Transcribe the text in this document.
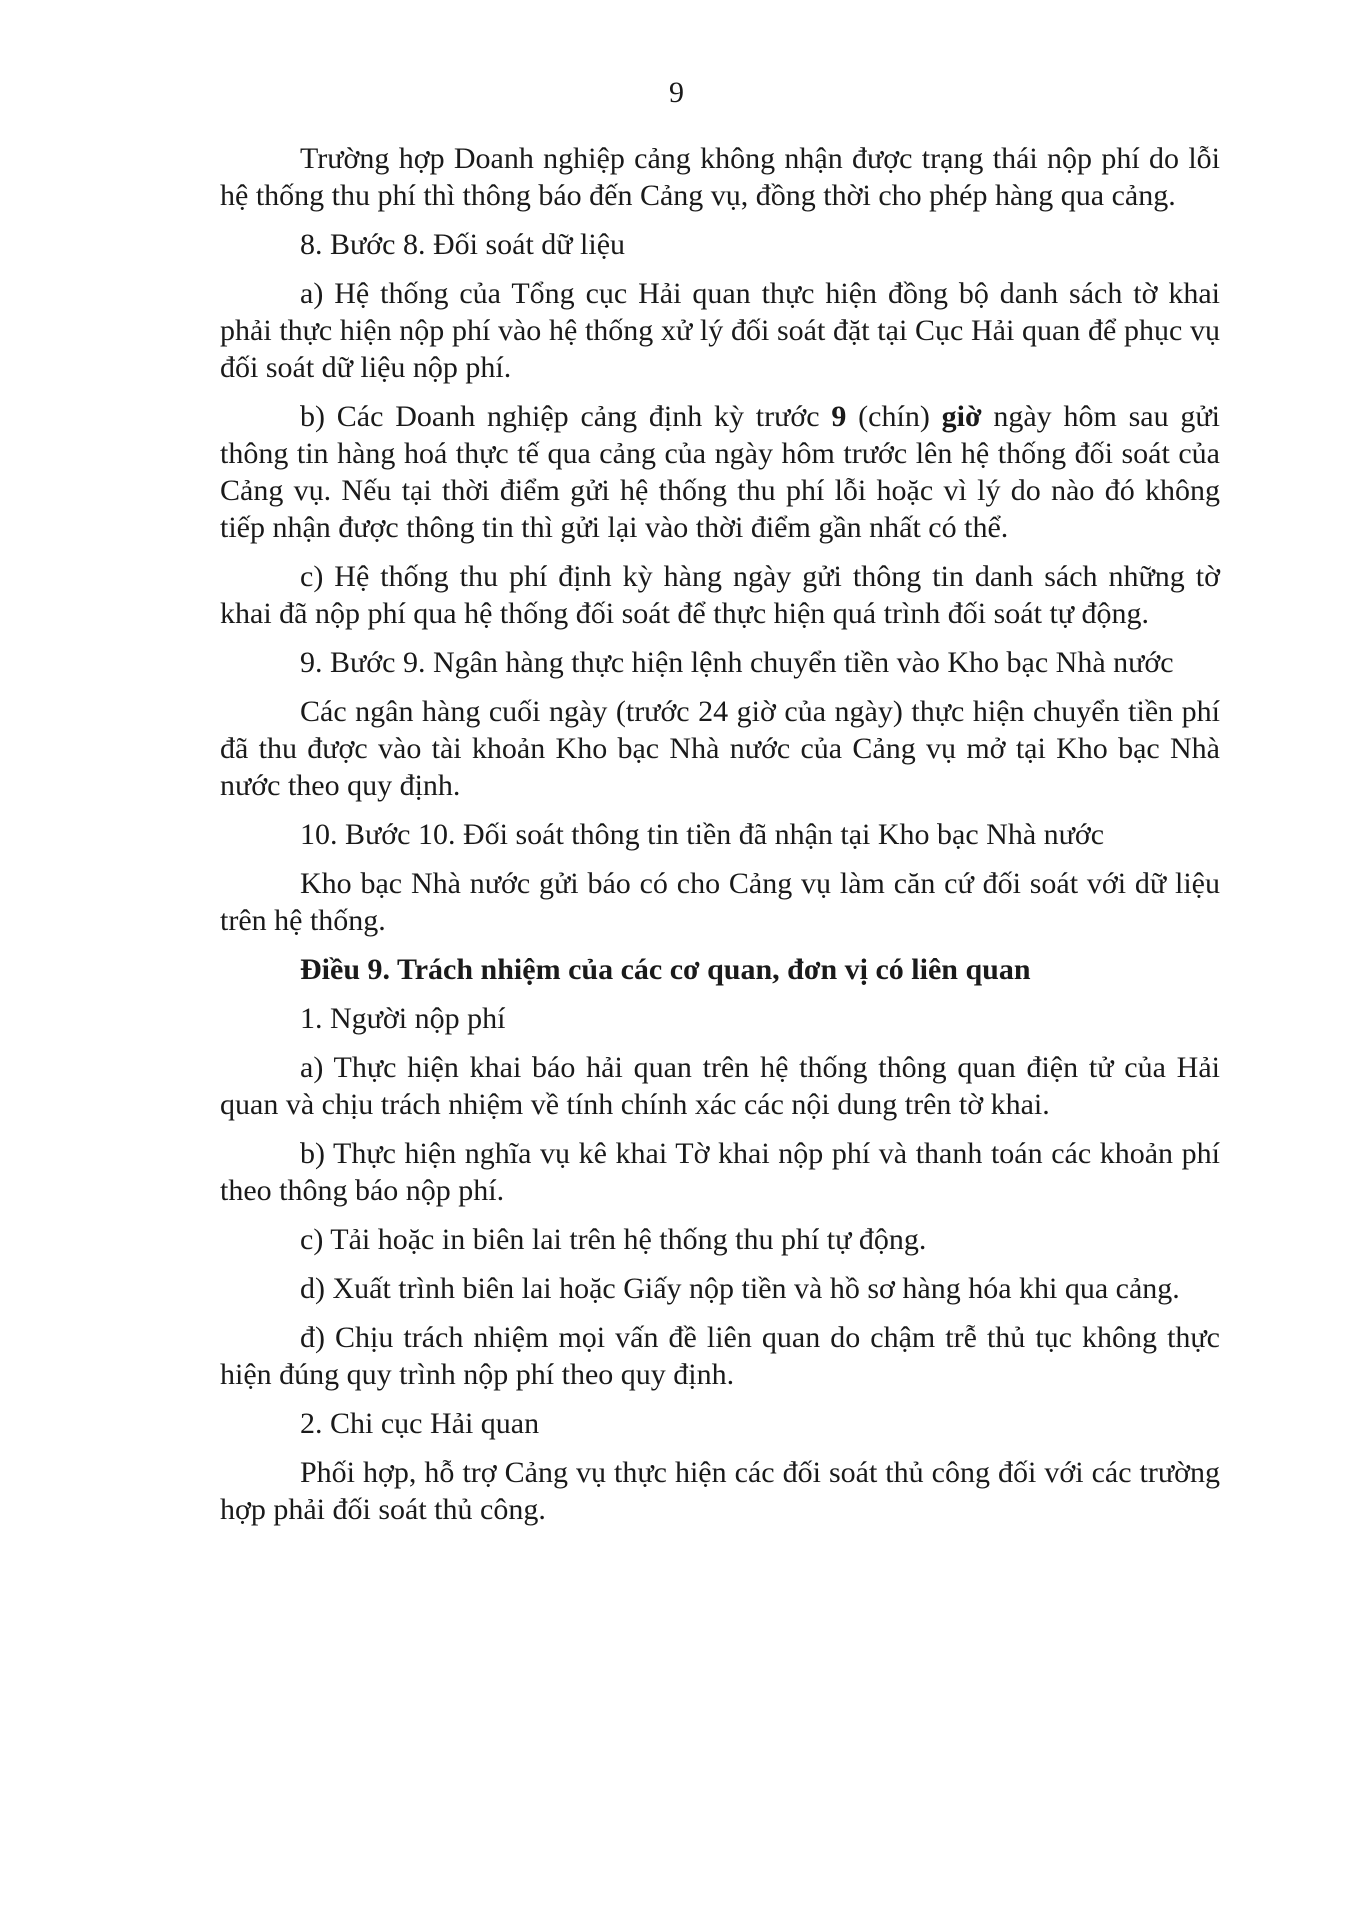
9

Trường hợp Doanh nghiệp cảng không nhận được trạng thái nộp phí do lỗi hệ thống thu phí thì thông báo đến Cảng vụ, đồng thời cho phép hàng qua cảng.

8. Bước 8. Đối soát dữ liệu

a) Hệ thống của Tổng cục Hải quan thực hiện đồng bộ danh sách tờ khai phải thực hiện nộp phí vào hệ thống xử lý đối soát đặt tại Cục Hải quan để phục vụ đối soát dữ liệu nộp phí.

b) Các Doanh nghiệp cảng định kỳ trước 9 (chín) giờ ngày hôm sau gửi thông tin hàng hoá thực tế qua cảng của ngày hôm trước lên hệ thống đối soát của Cảng vụ. Nếu tại thời điểm gửi hệ thống thu phí lỗi hoặc vì lý do nào đó không tiếp nhận được thông tin thì gửi lại vào thời điểm gần nhất có thể.

c) Hệ thống thu phí định kỳ hàng ngày gửi thông tin danh sách những tờ khai đã nộp phí qua hệ thống đối soát để thực hiện quá trình đối soát tự động.

9. Bước 9. Ngân hàng thực hiện lệnh chuyển tiền vào Kho bạc Nhà nước

Các ngân hàng cuối ngày (trước 24 giờ của ngày) thực hiện chuyển tiền phí đã thu được vào tài khoản Kho bạc Nhà nước của Cảng vụ mở tại Kho bạc Nhà nước theo quy định.

10. Bước 10. Đối soát thông tin tiền đã nhận tại Kho bạc Nhà nước

Kho bạc Nhà nước gửi báo có cho Cảng vụ làm căn cứ đối soát với dữ liệu trên hệ thống.

Điều 9. Trách nhiệm của các cơ quan, đơn vị có liên quan

1. Người nộp phí

a) Thực hiện khai báo hải quan trên hệ thống thông quan điện tử của Hải quan và chịu trách nhiệm về tính chính xác các nội dung trên tờ khai.

b) Thực hiện nghĩa vụ kê khai Tờ khai nộp phí và thanh toán các khoản phí theo thông báo nộp phí.

c) Tải hoặc in biên lai trên hệ thống thu phí tự động.

d) Xuất trình biên lai hoặc Giấy nộp tiền và hồ sơ hàng hóa khi qua cảng.

đ) Chịu trách nhiệm mọi vấn đề liên quan do chậm trễ thủ tục không thực hiện đúng quy trình nộp phí theo quy định.

2. Chi cục Hải quan

Phối hợp, hỗ trợ Cảng vụ thực hiện các đối soát thủ công đối với các trường hợp phải đối soát thủ công.
